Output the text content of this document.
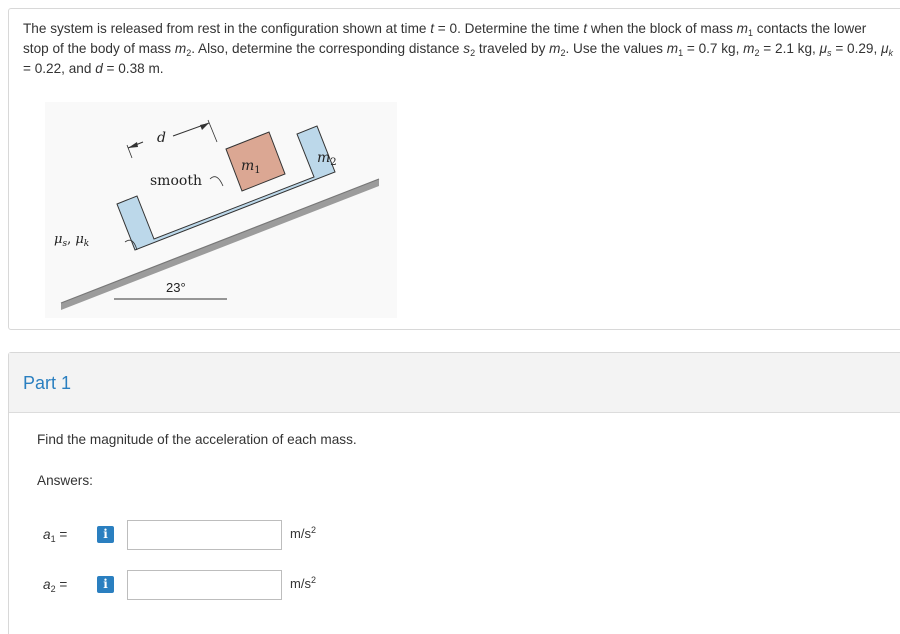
The system is released from rest in the configuration shown at time t = 0. Determine the time t when the block of mass $m_1$ contacts the lower stop of the body of mass $m_2$. Also, determine the corresponding distance $s_2$ traveled by $m_2$. Use the values $m_1 = 0.7$ kg, $m_2 = 2.1$ kg, $\mu_s = 0.29$, $\mu_k = 0.22$, and d = 0.38 m.
d
smooth
$m_1$
$m_2$
$\mu_s$, $\mu_k$
23°
Part 1
Find the magnitude of the acceleration of each mass.
Answers:
$a_1$ =	i	$m/s^2$
$a_2$ =	i	$m/s^2$
